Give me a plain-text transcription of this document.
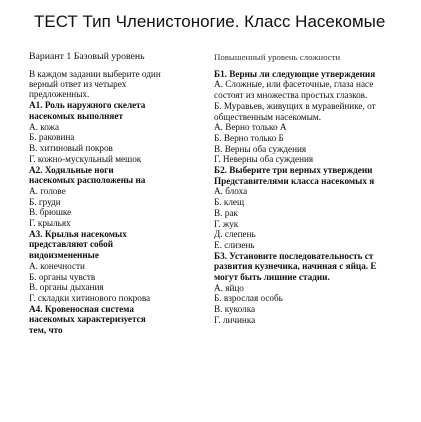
ТЕСТ Тип Членистоногие. Класс Насекомые
Вариант 1 Базовый уровень
В каждом задании выберите один
верный ответ из четырех
предложенных.
А1. Роль наружного скелета
насекомых выполняет
А. кожа
Б. раковина
В. хитиновый покров
Г. кожно-мускульный мешок
А2. Ходильные ноги
насекомых расположены на
А. голове
Б. груди
В. брюшке
Г. крыльях
А3. Крылья насекомых
представляют собой
видоизмененные
А. конечности
Б. органы чувств
В. органы дыхания
Г. складки хитинового покрова
А4. Кровеносная система
насекомых характеризуется
тем, что
Повышенный уровень сложности
Б1. Верны ли следующие утверждения
А. Сложные, или фасеточные, глаза насе
состоят из множества простых глазков.
Б. Муравьев, живущих в муравейнике, от
общественным насекомым.
А. Верно только А
Б. Верно только Б
В. Верны оба суждения
Г. Неверны оба суждения
Б2. Выберите три верных утверждени
Представителями класса насекомых я
А. блоха
Б. клещ
В. рак
Г. жук
Д. слепень
Е. слизень
Б3. Установите последовательность ст
развития кузнечика, начиная с яйца. Е
могут быть лишние стадии.
А. яйцо
Б. взрослая особь
В. куколка
Г. личинка
